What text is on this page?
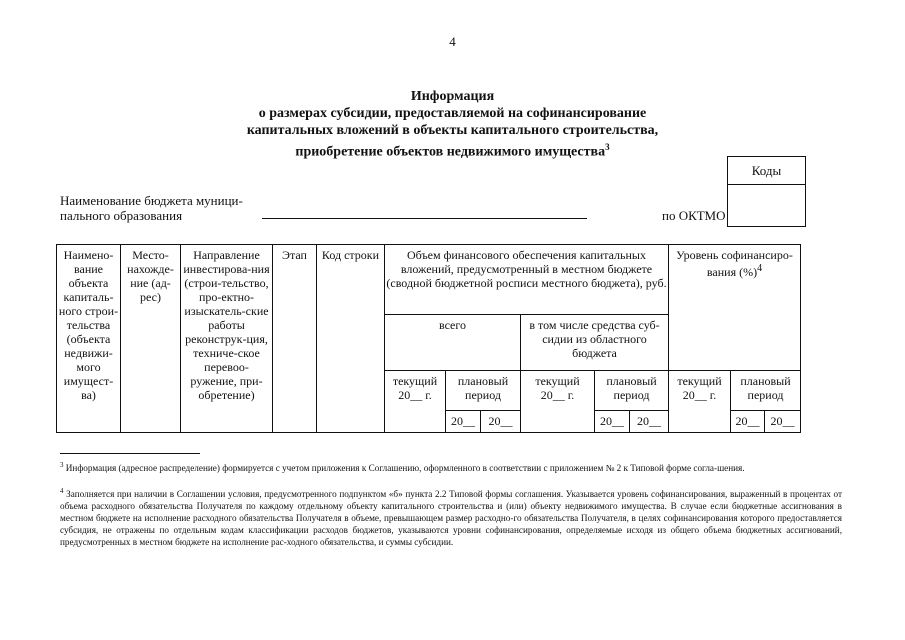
4
Информация
о размерах субсидии, предоставляемой на софинансирование
капитальных вложений в объекты капитального строительства,
приобретение объектов недвижимого имущества$^3$
Коды
Наименование бюджета муници-
пального образования	по ОКТМО
Наимено-вание объекта капиталь-ного строи-тельства (объекта недвижи-мого имущест-ва)	Место-нахожде-ние (ад-рес)	Направление инвестирова-ния (строи-тельство, про-ектно-изыскатель-ские работы реконструк-ция, техниче-ское перевоо-ружение, при-обретение)	Этап	Код строки	Объем финансового обеспечения капитальных вложений, предусмотренный в местном бюджете (сводной бюджетной росписи местного бюджета), руб.						Уровень софинансиро-вания (%)$^4$
					всего			в том числе средства суб-сидии из областного бюджета					
					текущий 20__ г.	плановый период		текущий 20__ г.	плановый период		текущий 20__ г.	плановый период	
						20__	20__		20__	20__		20__	20__
$^3$ Информация (адресное распределение) формируется с учетом приложения к Соглашению, оформленного в соответствии с приложением № 2 к Типовой форме согла-шения.
$^4$ Заполняется при наличии в Соглашении условия, предусмотренного подпунктом «б» пункта 2.2 Типовой формы соглашения. Указывается уровень софинансирования, выраженный в процентах от объема расходного обязательства Получателя по каждому отдельному объекту капитального строительства и (или) объекту недвижимого имущества. В случае если бюджетные ассигнования в местном бюджете на исполнение расходного обязательства Получателя в объеме, превышающем размер расходно-го обязательства Получателя, в целях софинансирования которого предоставляется субсидия, не отражены по отдельным кодам классификации расходов бюджетов, указываются уровни софинансирования, определяемые исходя из общего объема бюджетных ассигнований, предусмотренных в местном бюджете на исполнение рас-ходного обязательства, и суммы субсидии.
